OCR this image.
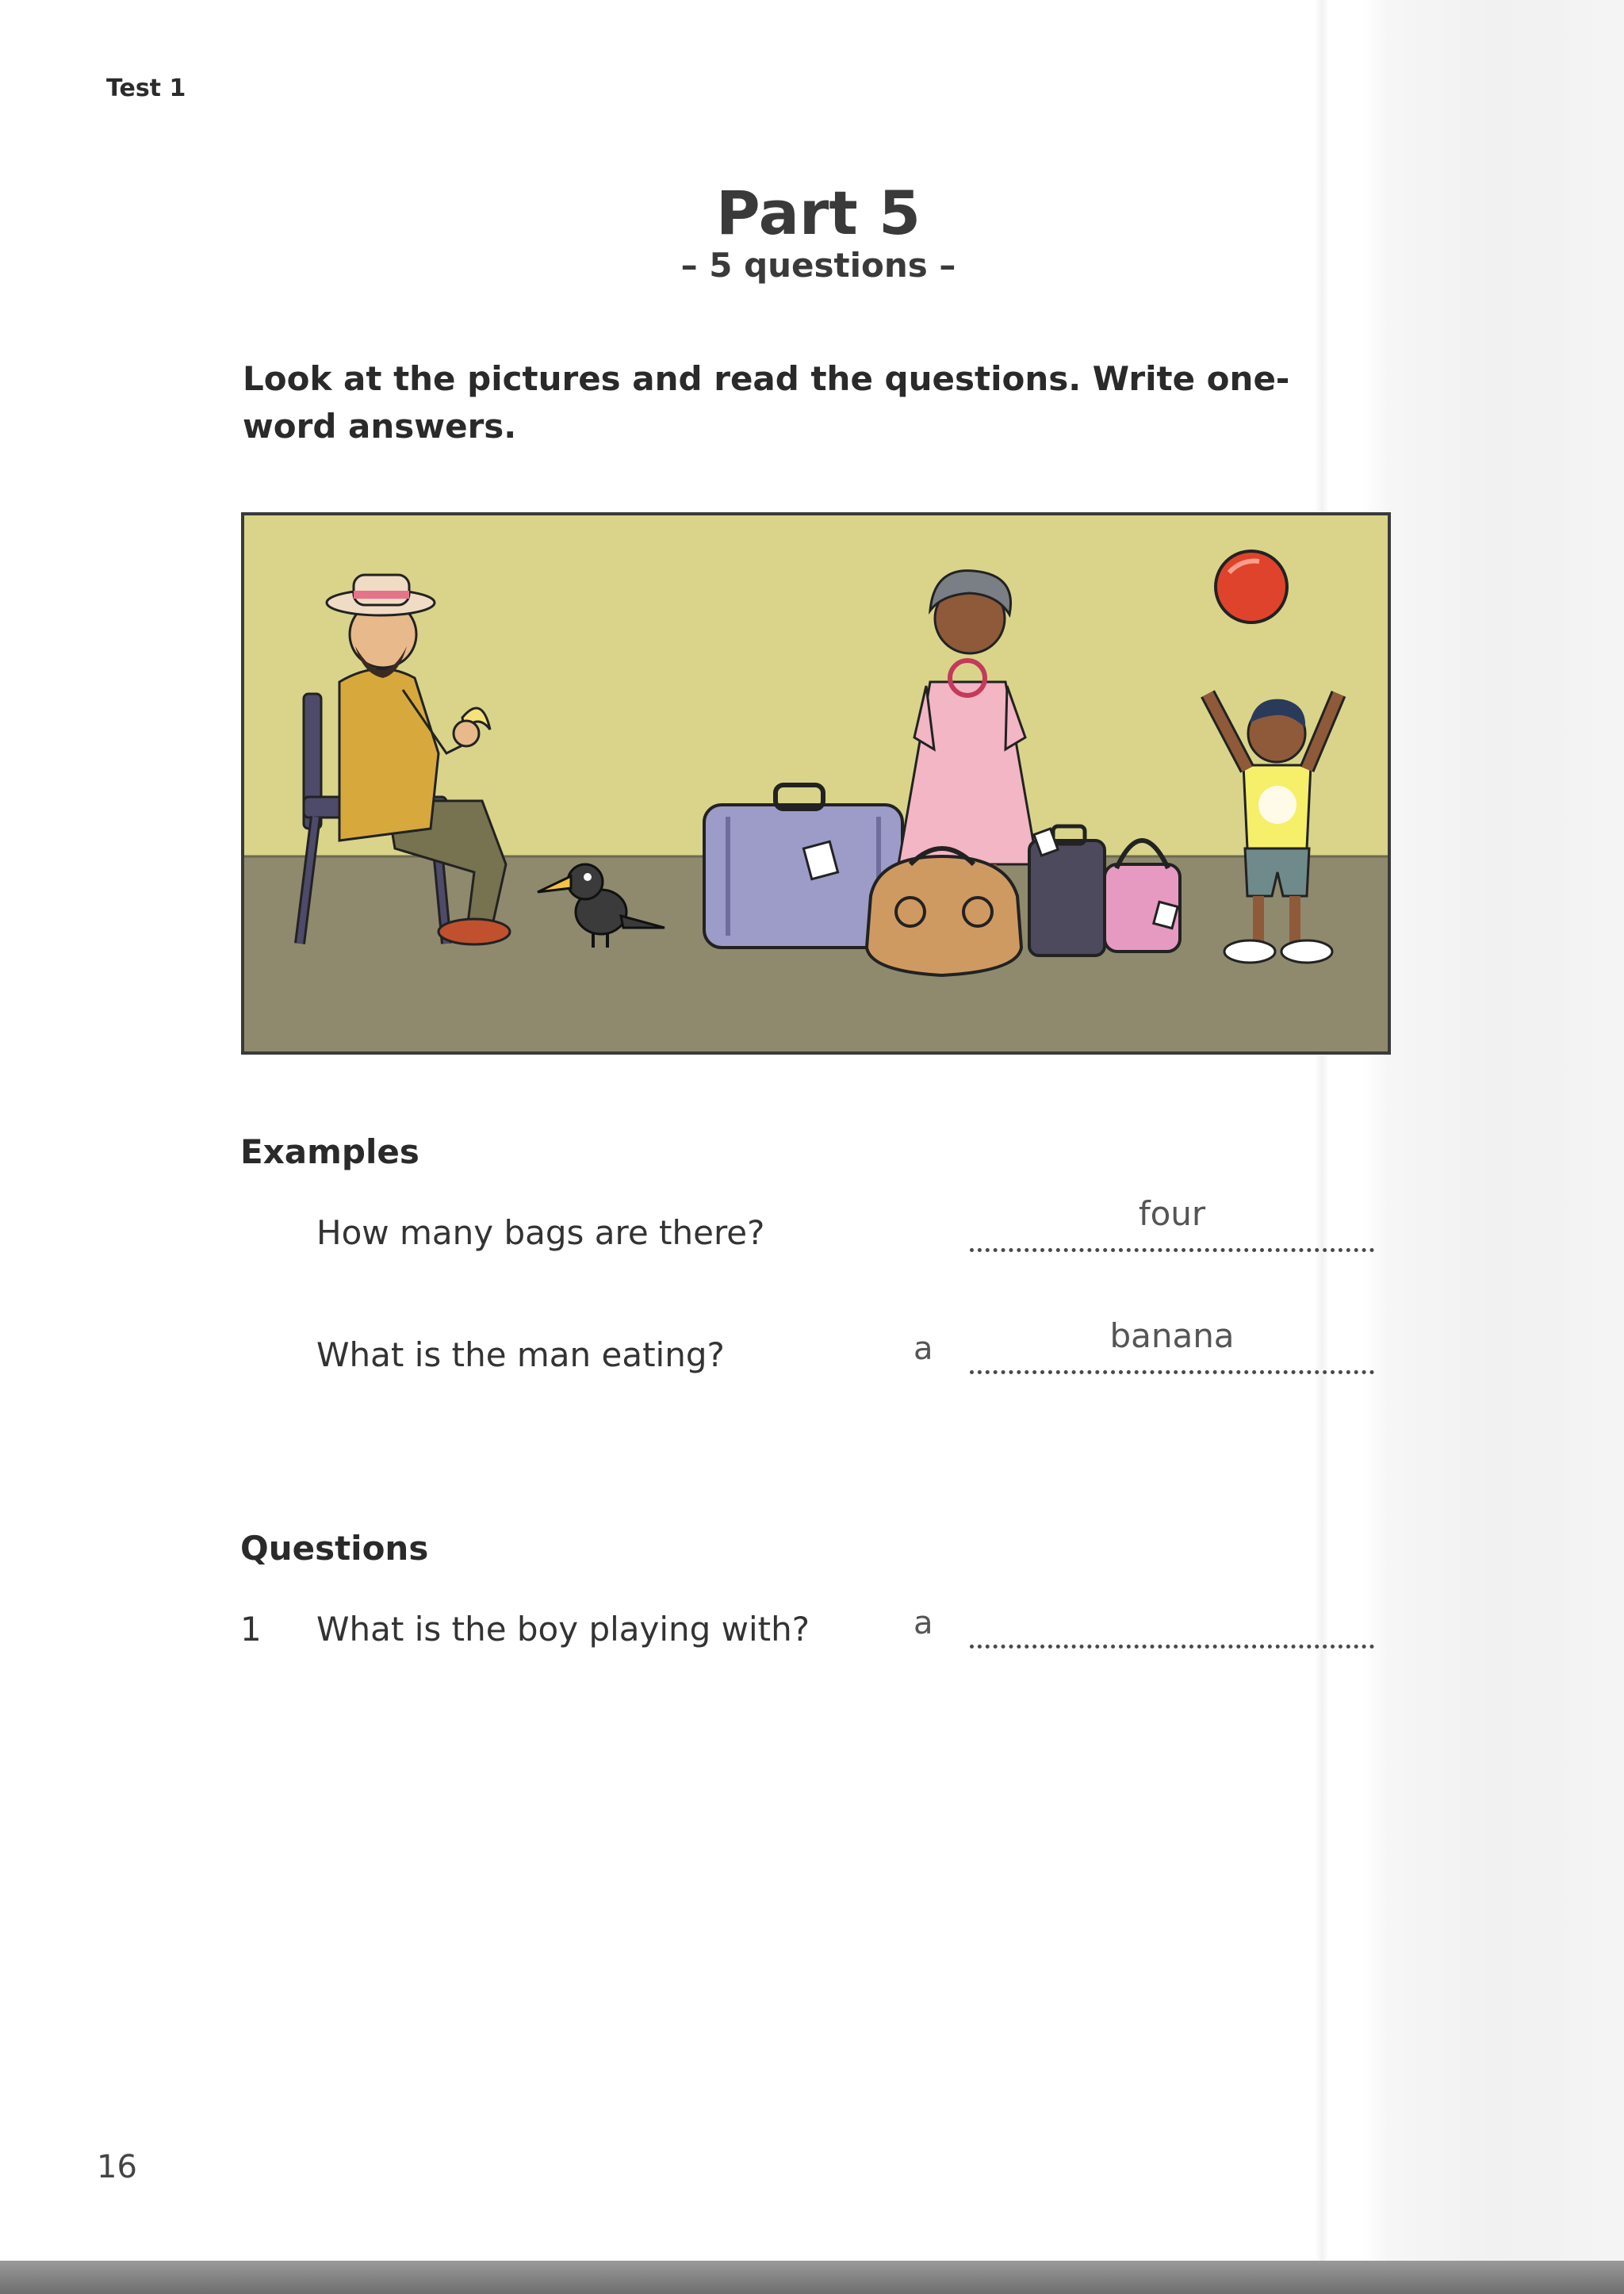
Test 1
Part 5
– 5 questions –
Look at the pictures and read the questions. Write one-word answers.
Examples
How many bags are there?	four
What is the man eating?	a	banana
Questions
1 What is the boy playing with?	a
16
